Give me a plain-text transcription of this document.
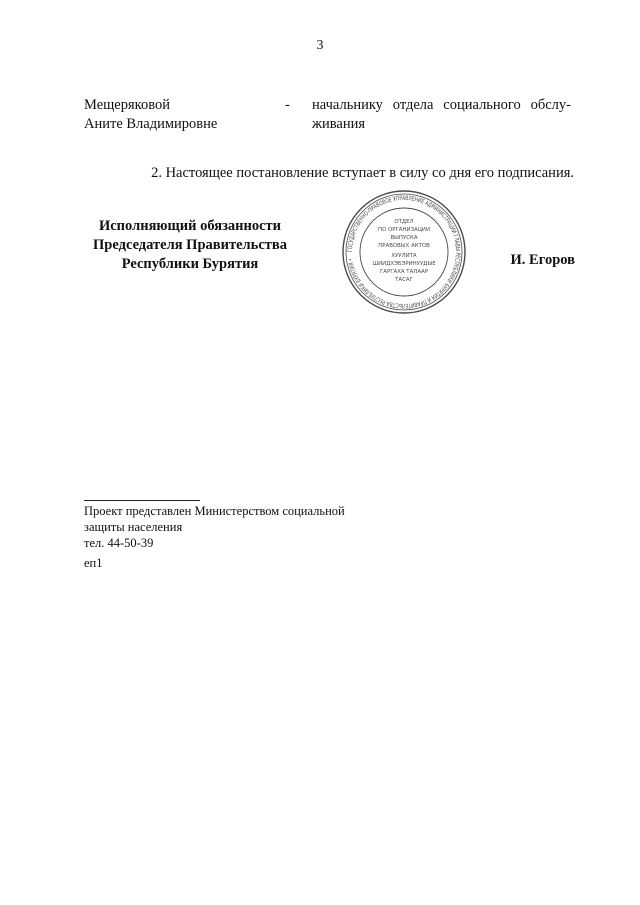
3
Мещеряковой
Аните Владимировне
-	начальнику отдела социального обслу-
живания
2. Настоящее постановление вступает в силу со дня его подписания.
Исполняющий обязанности
Председателя Правительства
Республики Бурятия
ГОСУДАРСТВЕННО-ПРАВОВОЕ УПРАВЛЕНИЕ АДМИНИСТРАЦИИ ГЛАВЫ РЕСПУБЛИКИ БУРЯТИЯ И ПРАВИТЕЛЬСТВА РЕСПУБЛИКИ БУРЯТИЯ •
ОТДЕЛ
ПО ОРГАНИЗАЦИИ
ВЫПУСКА
ПРАВОВЫХ АКТОВ
ХУУЛИТА
ШИИДХЭБЭРИНУУДЫЕ
ГАРГАХА ТАЛААР
ТАСАГ
И. Егоров
Проект представлен Министерством социальной
защиты населения
тел. 44-50-39
еп1
